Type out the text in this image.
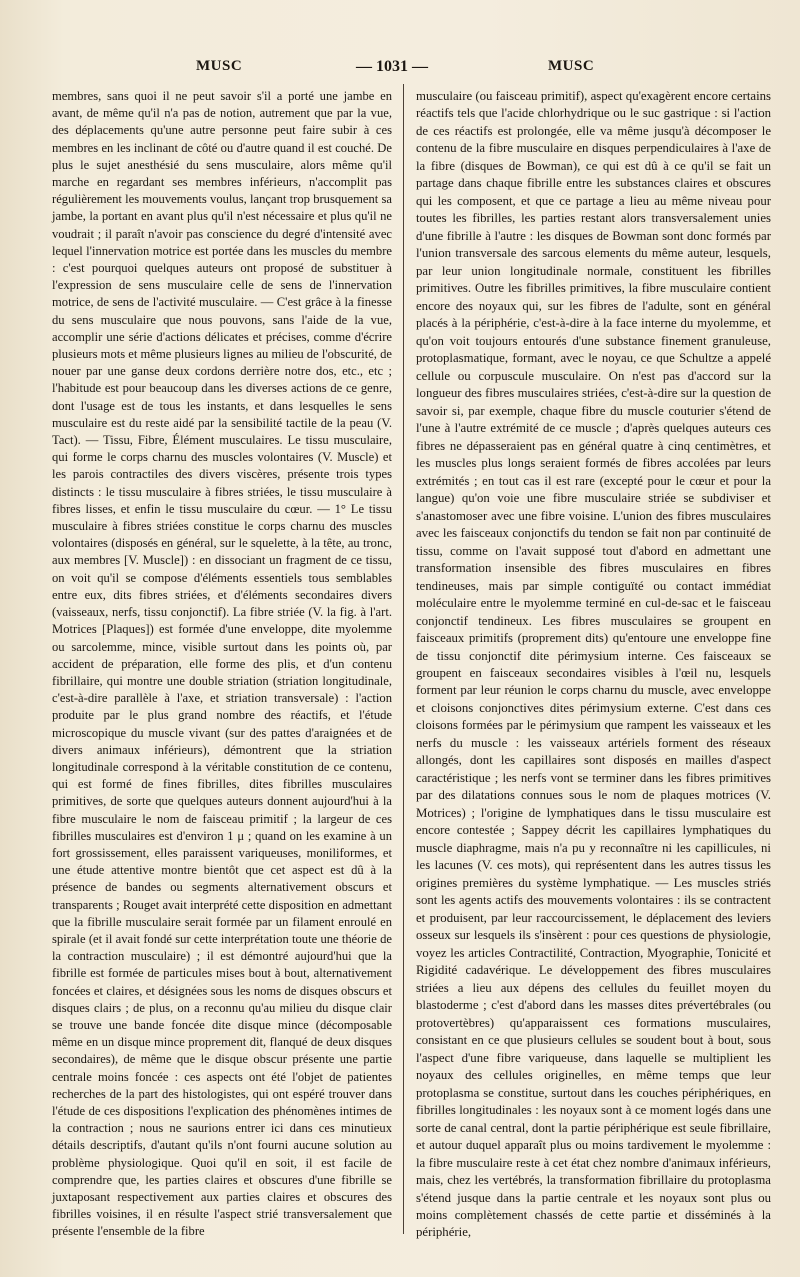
MUSC	— 1031 —	MUSC

membres, sans quoi il ne peut savoir s'il a porté une jambe en avant, de même qu'il n'a pas de notion, autrement que par la vue, des déplacements qu'une autre personne peut faire subir à ces membres en les inclinant de côté ou d'autre quand il est couché. De plus le sujet anesthésié du sens musculaire, alors même qu'il marche en regardant ses membres inférieurs, n'accomplit pas régulièrement les mouvements voulus, lançant trop brusquement sa jambe, la portant en avant plus qu'il n'est nécessaire et plus qu'il ne voudrait ; il paraît n'avoir pas conscience du degré d'intensité avec lequel l'innervation motrice est portée dans les muscles du membre : c'est pourquoi quelques auteurs ont proposé de substituer à l'expression de sens musculaire celle de sens de l'innervation motrice, de sens de l'activité musculaire. — C'est grâce à la finesse du sens musculaire que nous pouvons, sans l'aide de la vue, accomplir une série d'actions délicates et précises, comme d'écrire plusieurs mots et même plusieurs lignes au milieu de l'obscurité, de nouer par une ganse deux cordons derrière notre dos, etc., etc ; l'habitude est pour beaucoup dans les diverses actions de ce genre, dont l'usage est de tous les instants, et dans lesquelles le sens musculaire est du reste aidé par la sensibilité tactile de la peau (V. Tact). — Tissu, Fibre, Élément musculaires. Le tissu musculaire, qui forme le corps charnu des muscles volontaires (V. Muscle) et les parois contractiles des divers viscères, présente trois types distincts : le tissu musculaire à fibres striées, le tissu musculaire à fibres lisses, et enfin le tissu musculaire du cœur. — 1° Le tissu musculaire à fibres striées constitue le corps charnu des muscles volontaires (disposés en général, sur le squelette, à la tête, au tronc, aux membres [V. Muscle]) : en dissociant un fragment de ce tissu, on voit qu'il se compose d'éléments essentiels tous semblables entre eux, dits fibres striées, et d'éléments secondaires divers (vaisseaux, nerfs, tissu conjonctif). La fibre striée (V. la fig. à l'art. Motrices [Plaques]) est formée d'une enveloppe, dite myolemme ou sarcolemme, mince, visible surtout dans les points où, par accident de préparation, elle forme des plis, et d'un contenu fibrillaire, qui montre une double striation (striation longitudinale, c'est-à-dire parallèle à l'axe, et striation transversale) : l'action produite par le plus grand nombre des réactifs, et l'étude microscopique du muscle vivant (sur des pattes d'araignées et de divers animaux inférieurs), démontrent que la striation longitudinale correspond à la véritable constitution de ce contenu, qui est formé de fines fibrilles, dites fibrilles musculaires primitives, de sorte que quelques auteurs donnent aujourd'hui à la fibre musculaire le nom de faisceau primitif ; la largeur de ces fibrilles musculaires est d'environ 1 μ ; quand on les examine à un fort grossissement, elles paraissent variqueuses, moniliformes, et une étude attentive montre bientôt que cet aspect est dû à la présence de bandes ou segments alternativement obscurs et transparents ; Rouget avait interprété cette disposition en admettant que la fibrille musculaire serait formée par un filament enroulé en spirale (et il avait fondé sur cette interprétation toute une théorie de la contraction musculaire) ; il est démontré aujourd'hui que la fibrille est formée de particules mises bout à bout, alternativement foncées et claires, et désignées sous les noms de disques obscurs et disques clairs ; de plus, on a reconnu qu'au milieu du disque clair se trouve une bande foncée dite disque mince (décomposable même en un disque mince proprement dit, flanqué de deux disques secondaires), de même que le disque obscur présente une partie centrale moins foncée : ces aspects ont été l'objet de patientes recherches de la part des histologistes, qui ont espéré trouver dans l'étude de ces dispositions l'explication des phénomènes intimes de la contraction ; nous ne saurions entrer ici dans ces minutieux détails descriptifs, d'autant qu'ils n'ont fourni aucune solution au problème physiologique. Quoi qu'il en soit, il est facile de comprendre que, les parties claires et obscures d'une fibrille se juxtaposant respectivement aux parties claires et obscures des fibrilles voisines, il en résulte l'aspect strié transversalement que présente l'ensemble de la fibre

musculaire (ou faisceau primitif), aspect qu'exagèrent encore certains réactifs tels que l'acide chlorhydrique ou le suc gastrique : si l'action de ces réactifs est prolongée, elle va même jusqu'à décomposer le contenu de la fibre musculaire en disques perpendiculaires à l'axe de la fibre (disques de Bowman), ce qui est dû à ce qu'il se fait un partage dans chaque fibrille entre les substances claires et obscures qui les composent, et que ce partage a lieu au même niveau pour toutes les fibrilles, les parties restant alors transversalement unies d'une fibrille à l'autre : les disques de Bowman sont donc formés par l'union transversale des sarcous elements du même auteur, lesquels, par leur union longitudinale normale, constituent les fibrilles primitives. Outre les fibrilles primitives, la fibre musculaire contient encore des noyaux qui, sur les fibres de l'adulte, sont en général placés à la périphérie, c'est-à-dire à la face interne du myolemme, et qu'on voit toujours entourés d'une substance finement granuleuse, protoplasmatique, formant, avec le noyau, ce que Schultze a appelé cellule ou corpuscule musculaire. On n'est pas d'accord sur la longueur des fibres musculaires striées, c'est-à-dire sur la question de savoir si, par exemple, chaque fibre du muscle couturier s'étend de l'une à l'autre extrémité de ce muscle ; d'après quelques auteurs ces fibres ne dépasseraient pas en général quatre à cinq centimètres, et les muscles plus longs seraient formés de fibres accolées par leurs extrémités ; en tout cas il est rare (excepté pour le cœur et pour la langue) qu'on voie une fibre musculaire striée se subdiviser et s'anastomoser avec une fibre voisine. L'union des fibres musculaires avec les faisceaux conjonctifs du tendon se fait non par continuité de tissu, comme on l'avait supposé tout d'abord en admettant une transformation insensible des fibres musculaires en fibres tendineuses, mais par simple contiguïté ou contact immédiat moléculaire entre le myolemme terminé en cul-de-sac et le faisceau conjonctif tendineux. Les fibres musculaires se groupent en faisceaux primitifs (proprement dits) qu'entoure une enveloppe fine de tissu conjonctif dite périmysium interne. Ces faisceaux se groupent en faisceaux secondaires visibles à l'œil nu, lesquels forment par leur réunion le corps charnu du muscle, avec enveloppe et cloisons conjonctives dites périmysium externe. C'est dans ces cloisons formées par le périmysium que rampent les vaisseaux et les nerfs du muscle : les vaisseaux artériels forment des réseaux allongés, dont les capillaires sont disposés en mailles d'aspect caractéristique ; les nerfs vont se terminer dans les fibres primitives par des dilatations connues sous le nom de plaques motrices (V. Motrices) ; l'origine de lymphatiques dans le tissu musculaire est encore contestée ; Sappey décrit les capillaires lymphatiques du muscle diaphragme, mais n'a pu y reconnaître ni les capillicules, ni les lacunes (V. ces mots), qui représentent dans les autres tissus les origines premières du système lymphatique. — Les muscles striés sont les agents actifs des mouvements volontaires : ils se contractent et produisent, par leur raccourcissement, le déplacement des leviers osseux sur lesquels ils s'insèrent : pour ces questions de physiologie, voyez les articles Contractilité, Contraction, Myographie, Tonicité et Rigidité cadavérique. Le développement des fibres musculaires striées a lieu aux dépens des cellules du feuillet moyen du blastoderme ; c'est d'abord dans les masses dites prévertébrales (ou protovertèbres) qu'apparaissent ces formations musculaires, consistant en ce que plusieurs cellules se soudent bout à bout, sous l'aspect d'une fibre variqueuse, dans laquelle se multiplient les noyaux des cellules originelles, en même temps que leur protoplasma se constitue, surtout dans les couches périphériques, en fibrilles longitudinales : les noyaux sont à ce moment logés dans une sorte de canal central, dont la partie périphérique est seule fibrillaire, et autour duquel apparaît plus ou moins tardivement le myolemme : la fibre musculaire reste à cet état chez nombre d'animaux inférieurs, mais, chez les vertébrés, la transformation fibrillaire du protoplasma s'étend jusque dans la partie centrale et les noyaux sont plus ou moins complètement chassés de cette partie et disséminés à la périphérie,
